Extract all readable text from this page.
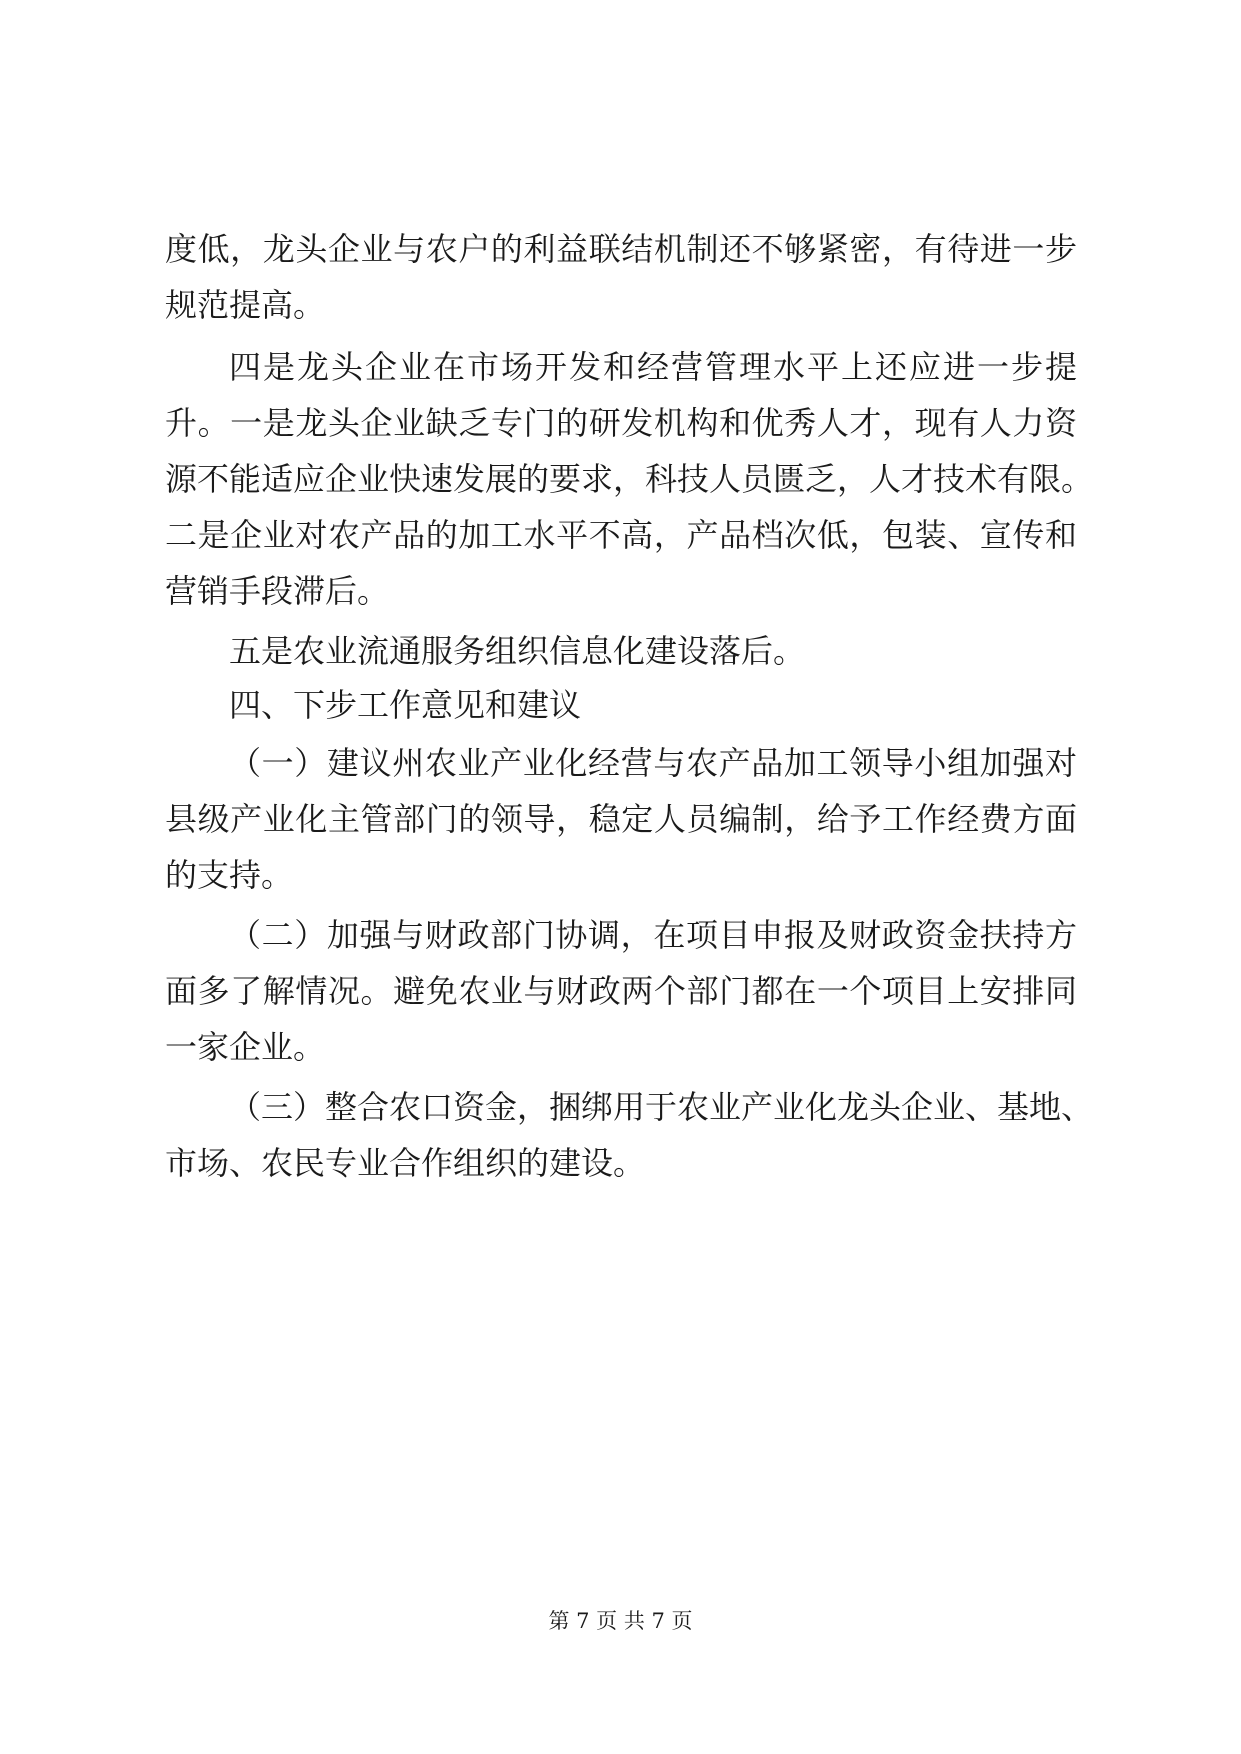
度低，龙头企业与农户的利益联结机制还不够紧密，有待进一步
规范提高。
四是龙头企业在市场开发和经营管理水平上还应进一步提
升。一是龙头企业缺乏专门的研发机构和优秀人才，现有人力资
源不能适应企业快速发展的要求，科技人员匮乏，人才技术有限。
二是企业对农产品的加工水平不高，产品档次低，包装、宣传和
营销手段滞后。
五是农业流通服务组织信息化建设落后。
四、下步工作意见和建议
（一）建议州农业产业化经营与农产品加工领导小组加强对
县级产业化主管部门的领导，稳定人员编制，给予工作经费方面
的支持。
（二）加强与财政部门协调，在项目申报及财政资金扶持方
面多了解情况。避免农业与财政两个部门都在一个项目上安排同
一家企业。
（三）整合农口资金，捆绑用于农业产业化龙头企业、基地、
市场、农民专业合作组织的建设。
第 7 页 共 7 页
